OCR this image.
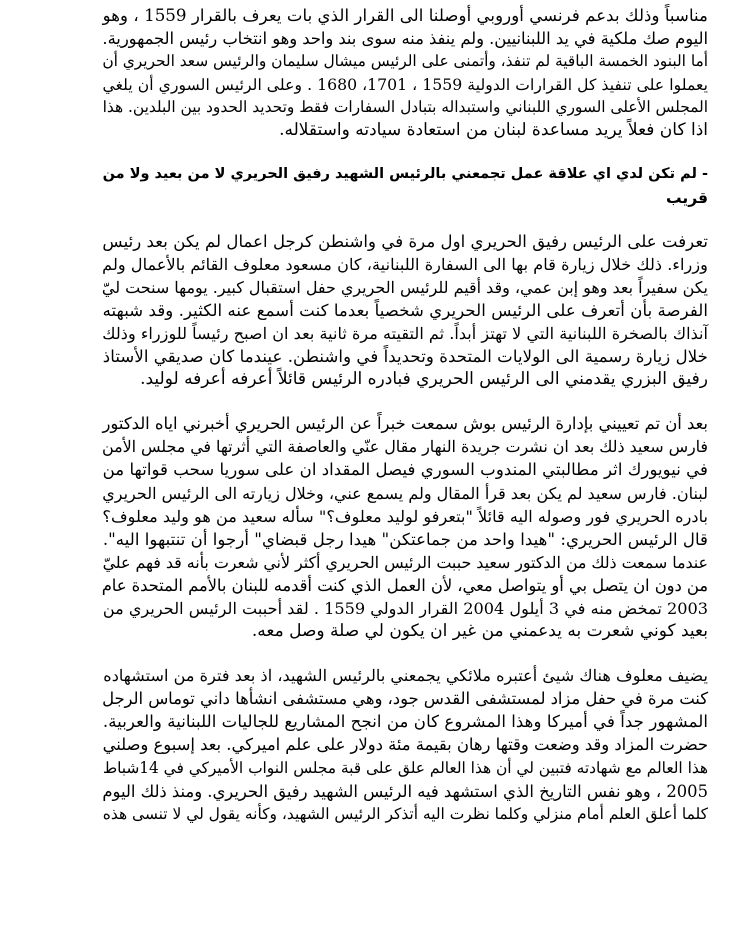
مناسباً وذلك بدعم فرنسي أوروبي أوصلنا الى القرار الذي بات يعرف بالقرار 1559 ، وهو
اليوم صك ملكية في يد اللبنانيين. ولم ينفذ منه سوى بند واحد وهو انتخاب رئيس الجمهورية.
أما البنود الخمسة الباقية لم تنفذ، وأتمنى على الرئيس ميشال سليمان والرئيس سعد الحريري أن
يعملوا على تنفيذ كل القرارات الدولية 1559 ، 1701، 1680 . وعلى الرئيس السوري أن يلغي
المجلس الأعلى السوري اللبناني واستبداله بتبادل السفارات فقط وتحديد الحدود بين البلدين. هذا
اذا كان فعلاً يريد مساعدة لبنان من استعادة سيادته واستقلاله.
- لم تكن لدي اي علاقة عمل تجمعني بالرئيس الشهيد رفيق الحريري لا من بعيد ولا من
قريب
تعرفت على الرئيس رفيق الحريري اول مرة في واشنطن كرجل اعمال لم يكن بعد رئيس
وزراء. ذلك خلال زيارة قام بها الى السفارة اللبنانية، كان مسعود معلوف القائم بالأعمال ولم
يكن سفيراً بعد وهو إبن عمي، وقد أقيم للرئيس الحريري حفل استقبال كبير. يومها سنحت ليّ
الفرصة بأن أتعرف على الرئيس الحريري شخصياً بعدما كنت أسمع عنه الكثير. وقد شبهته
آنذاك بالصخرة اللبنانية التي لا تهتز أبداً. ثم التقيته مرة ثانية بعد ان اصبح رئيساً للوزراء وذلك
خلال زيارة رسمية الى الولايات المتحدة وتحديداً في واشنطن. عيندما كان صديقي الأستاذ
رفيق البزري يقدمني الى الرئيس الحريري فبادره الرئيس قائلاً أعرفه أعرفه لوليد.
بعد أن تم تعييني بإدارة الرئيس بوش سمعت خبراً عن الرئيس الحريري أخبرني اياه الدكتور
فارس سعيد ذلك بعد ان نشرت جريدة النهار مقال عنّي والعاصفة التي أثرتها في مجلس الأمن
في نيويورك اثر مطالبتي المندوب السوري فيصل المقداد ان على سوريا سحب قواتها من
لبنان. فارس سعيد لم يكن بعد قرأ المقال ولم يسمع عني، وخلال زيارته الى الرئيس الحريري
بادره الحريري فور وصوله اليه قائلاً "بتعرفو لوليد معلوف؟" سأله سعيد من هو وليد معلوف؟
قال الرئيس الحريري: "هيدا واحد من جماعتكن" هيدا رجل قبضاي" أرجوا أن تنتبهوا اليه".
عندما سمعت ذلك من الدكتور سعيد حببت الرئيس الحريري أكثر لأني شعرت بأنه قد فهم عليّ
من دون ان يتصل بي أو يتواصل معي، لأن العمل الذي كنت أقدمه للبنان بالأمم المتحدة عام
2003 تمخض منه في 3 أيلول 2004 القرار الدولي 1559 . لقد أحببت الرئيس الحريري من
بعيد كوني شعرت به يدعمني من غير ان يكون لي صلة وصل معه.
يضيف معلوف هناك شيئ أعتبره ملائكي يجمعني بالرئيس الشهيد، اذ بعد فترة من استشهاده
كنت مرة في حفل مزاد لمستشفى القدس جود، وهي مستشفى انشأها داني توماس الرجل
المشهور جداً في أميركا وهذا المشروع كان من انجح المشاريع للجاليات اللبنانية والعربية.
حضرت المزاد وقد وضعت وقتها رهان بقيمة مئة دولار على علم اميركي. بعد إسبوع وصلني
هذا العالم مع شهادته فتبين لي أن هذا العالم علق على قبة مجلس النواب الأميركي في 14شباط
2005 ، وهو نفس التاريخ الذي استشهد فيه الرئيس الشهيد رفيق الحريري. ومنذ ذلك اليوم
كلما أعلق العلم أمام منزلي وكلما نظرت اليه أتذكر الرئيس الشهيد، وكأنه يقول لي لا تنسى هذه
